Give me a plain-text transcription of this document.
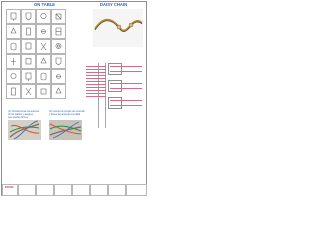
ON TABLE	DAISY CHAIN
(1) Introduzca las conexiones
de los cables y asegure
que queden firmes
(2) Inserte los puntos de conexión
y alinee de acuerdo a la tabla
EPSON
